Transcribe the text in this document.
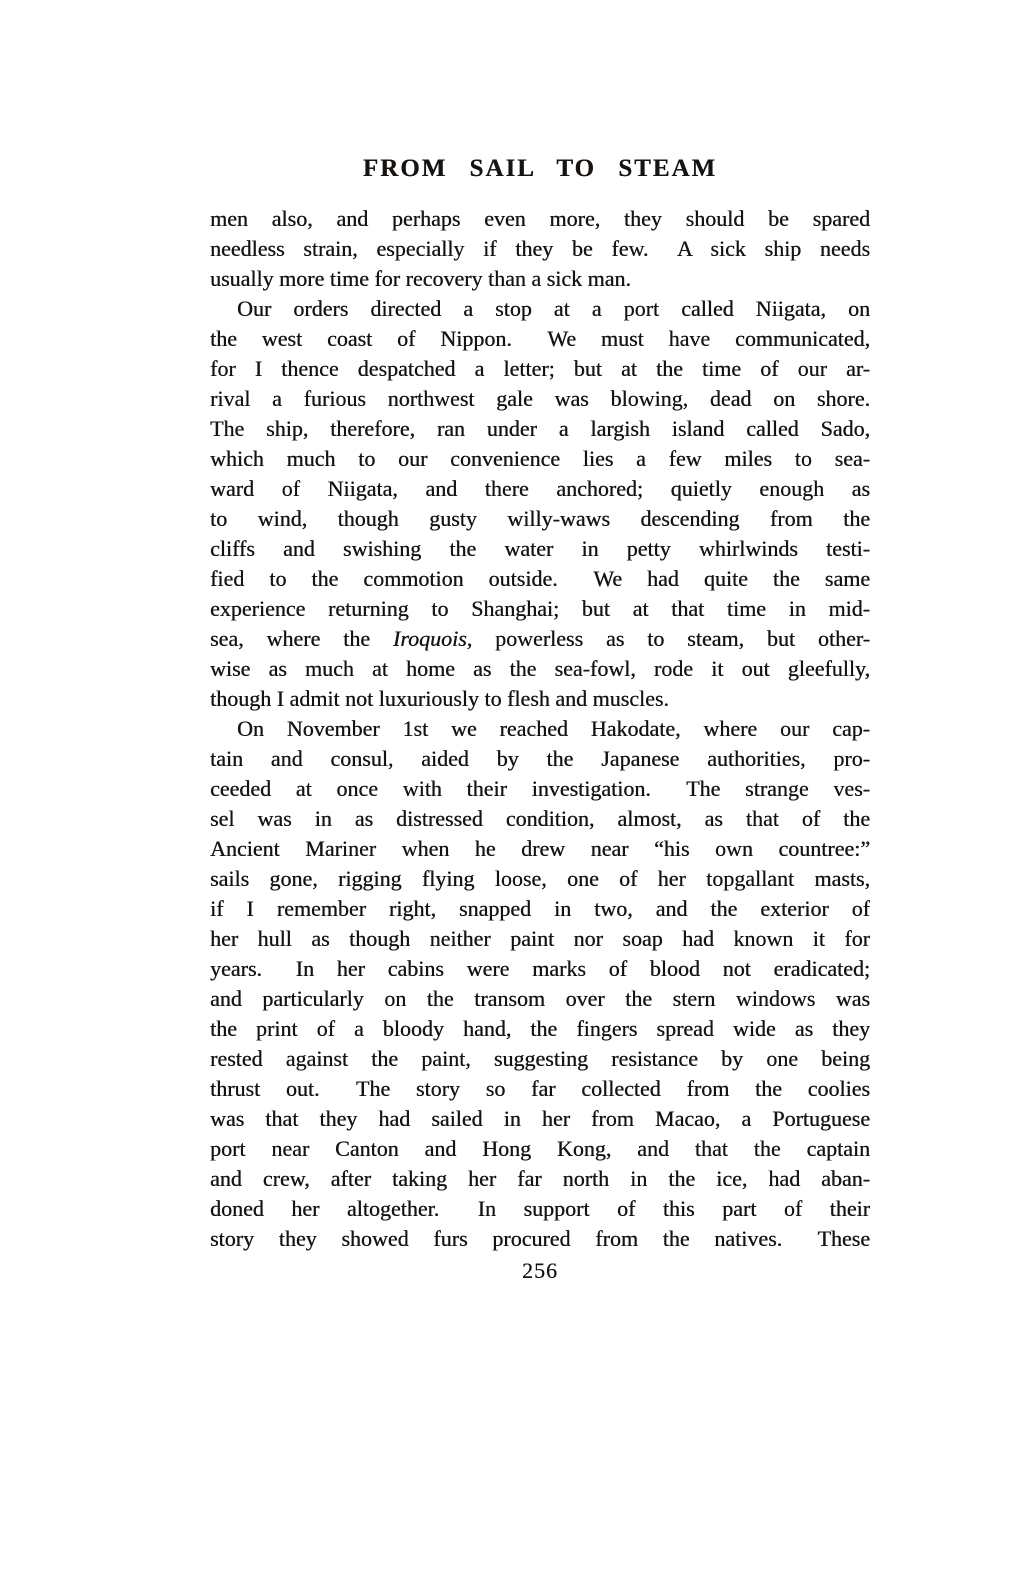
FROM SAIL TO STEAM
men also, and perhaps even more, they should be spared
needless strain, especially if they be few.  A sick ship needs
usually more time for recovery than a sick man.
Our orders directed a stop at a port called Niigata, on
the west coast of Nippon.  We must have communicated,
for I thence despatched a letter; but at the time of our ar-
rival a furious northwest gale was blowing, dead on shore.
The ship, therefore, ran under a largish island called Sado,
which much to our convenience lies a few miles to sea-
ward of Niigata, and there anchored; quietly enough as
to wind, though gusty willy-waws descending from the
cliffs and swishing the water in petty whirlwinds testi-
fied to the commotion outside.  We had quite the same
experience returning to Shanghai; but at that time in mid-
sea, where the Iroquois, powerless as to steam, but other-
wise as much at home as the sea-fowl, rode it out gleefully,
though I admit not luxuriously to flesh and muscles.
On November 1st we reached Hakodate, where our cap-
tain and consul, aided by the Japanese authorities, pro-
ceeded at once with their investigation.  The strange ves-
sel was in as distressed condition, almost, as that of the
Ancient Mariner when he drew near “his own countree:”
sails gone, rigging flying loose, one of her topgallant masts,
if I remember right, snapped in two, and the exterior of
her hull as though neither paint nor soap had known it for
years.  In her cabins were marks of blood not eradicated;
and particularly on the transom over the stern windows was
the print of a bloody hand, the fingers spread wide as they
rested against the paint, suggesting resistance by one being
thrust out.  The story so far collected from the coolies
was that they had sailed in her from Macao, a Portuguese
port near Canton and Hong Kong, and that the captain
and crew, after taking her far north in the ice, had aban-
doned her altogether.  In support of this part of their
story they showed furs procured from the natives.  These
256
